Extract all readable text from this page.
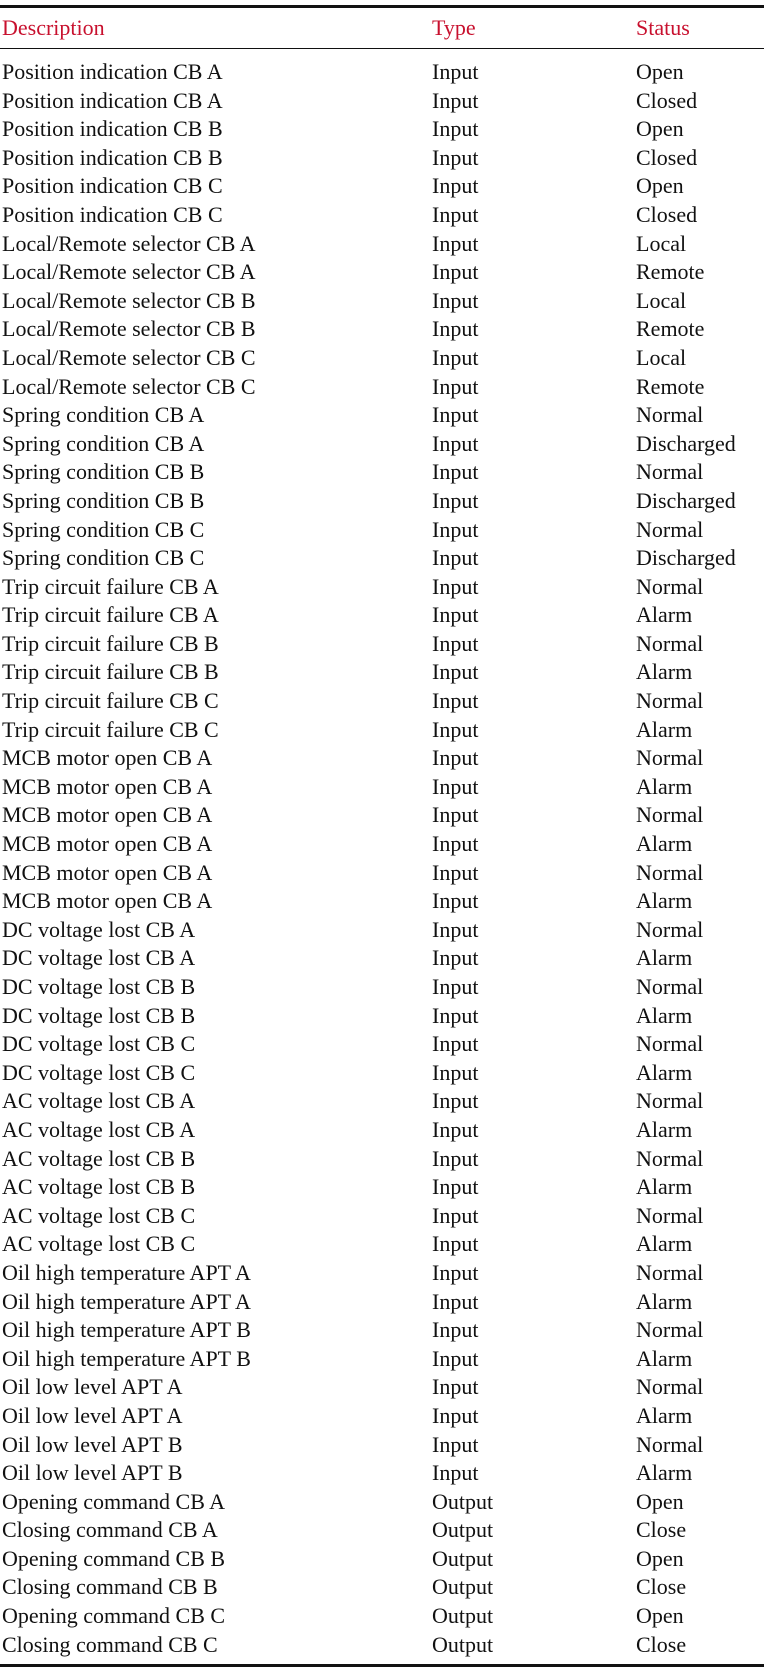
Description	Type	Status
Position indication CB A	Input	Open
Position indication CB A	Input	Closed
Position indication CB B	Input	Open
Position indication CB B	Input	Closed
Position indication CB C	Input	Open
Position indication CB C	Input	Closed
Local/Remote selector CB A	Input	Local
Local/Remote selector CB A	Input	Remote
Local/Remote selector CB B	Input	Local
Local/Remote selector CB B	Input	Remote
Local/Remote selector CB C	Input	Local
Local/Remote selector CB C	Input	Remote
Spring condition CB A	Input	Normal
Spring condition CB A	Input	Discharged
Spring condition CB B	Input	Normal
Spring condition CB B	Input	Discharged
Spring condition CB C	Input	Normal
Spring condition CB C	Input	Discharged
Trip circuit failure CB A	Input	Normal
Trip circuit failure CB A	Input	Alarm
Trip circuit failure CB B	Input	Normal
Trip circuit failure CB B	Input	Alarm
Trip circuit failure CB C	Input	Normal
Trip circuit failure CB C	Input	Alarm
MCB motor open CB A	Input	Normal
MCB motor open CB A	Input	Alarm
MCB motor open CB A	Input	Normal
MCB motor open CB A	Input	Alarm
MCB motor open CB A	Input	Normal
MCB motor open CB A	Input	Alarm
DC voltage lost CB A	Input	Normal
DC voltage lost CB A	Input	Alarm
DC voltage lost CB B	Input	Normal
DC voltage lost CB B	Input	Alarm
DC voltage lost CB C	Input	Normal
DC voltage lost CB C	Input	Alarm
AC voltage lost CB A	Input	Normal
AC voltage lost CB A	Input	Alarm
AC voltage lost CB B	Input	Normal
AC voltage lost CB B	Input	Alarm
AC voltage lost CB C	Input	Normal
AC voltage lost CB C	Input	Alarm
Oil high temperature APT A	Input	Normal
Oil high temperature APT A	Input	Alarm
Oil high temperature APT B	Input	Normal
Oil high temperature APT B	Input	Alarm
Oil low level APT A	Input	Normal
Oil low level APT A	Input	Alarm
Oil low level APT B	Input	Normal
Oil low level APT B	Input	Alarm
Opening command CB A	Output	Open
Closing command CB A	Output	Close
Opening command CB B	Output	Open
Closing command CB B	Output	Close
Opening command CB C	Output	Open
Closing command CB C	Output	Close
